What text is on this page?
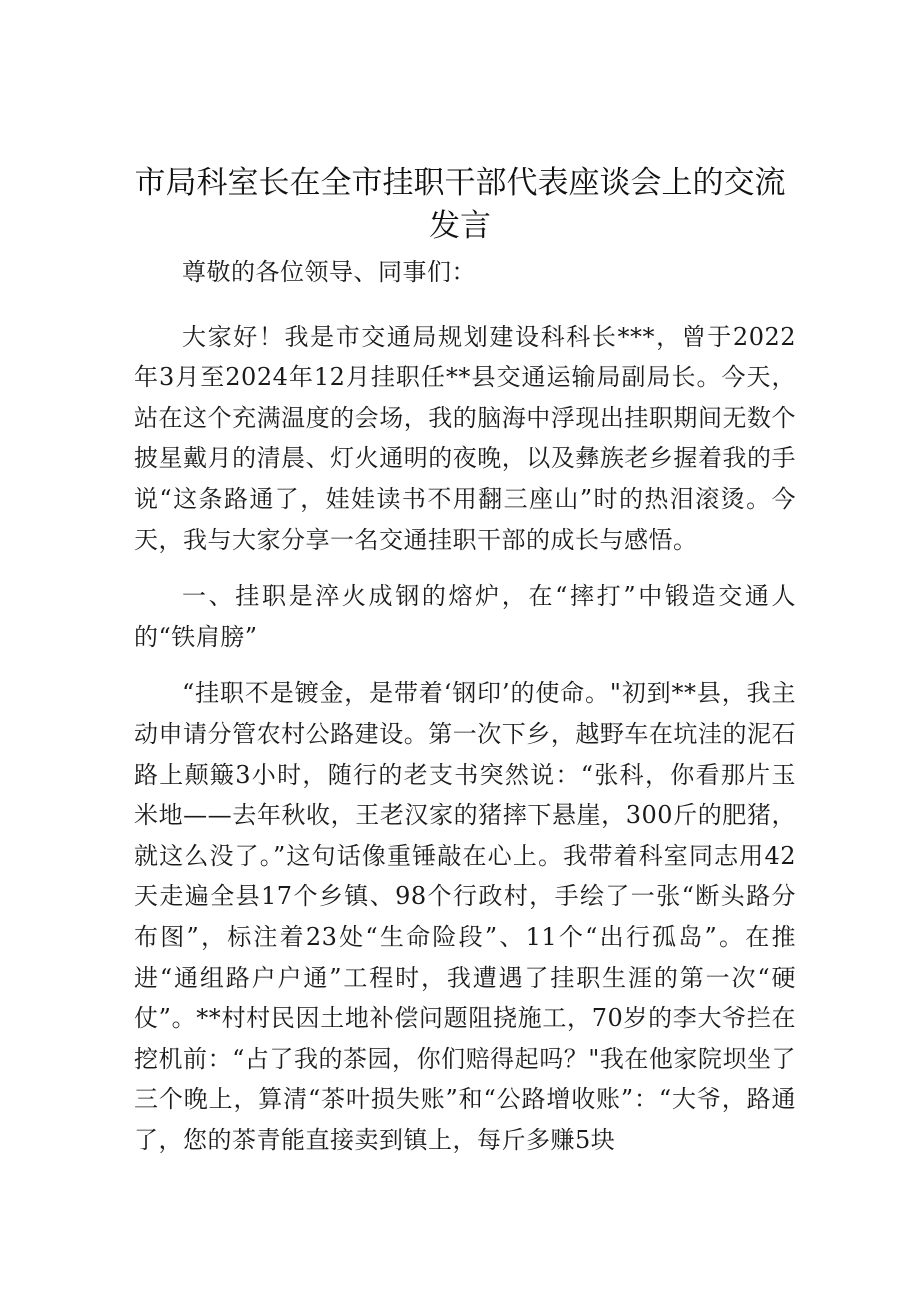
市局科室长在全市挂职干部代表座谈会上的交流发言

尊敬的各位领导、同事们：

大家好！我是市交通局规划建设科科长***，曾于2022年3月至2024年12月挂职任**县交通运输局副局长。今天，站在这个充满温度的会场，我的脑海中浮现出挂职期间无数个披星戴月的清晨、灯火通明的夜晚，以及彝族老乡握着我的手说“这条路通了，娃娃读书不用翻三座山”时的热泪滚烫。今天，我与大家分享一名交通挂职干部的成长与感悟。

一、挂职是淬火成钢的熔炉，在“摔打”中锻造交通人的“铁肩膀”

“挂职不是镀金，是带着‘钢印’的使命。"初到**县，我主动申请分管农村公路建设。第一次下乡，越野车在坑洼的泥石路上颠簸3小时，随行的老支书突然说：“张科，你看那片玉米地——去年秋收，王老汉家的猪摔下悬崖，300斤的肥猪，就这么没了。”这句话像重锤敲在心上。我带着科室同志用42天走遍全县17个乡镇、98个行政村，手绘了一张“断头路分布图”，标注着23处“生命险段”、11个“出行孤岛”。在推进“通组路户户通”工程时，我遭遇了挂职生涯的第一次“硬仗”。**村村民因土地补偿问题阻挠施工，70岁的李大爷拦在挖机前：“占了我的茶园，你们赔得起吗？"我在他家院坝坐了三个晚上，算清“茶叶损失账”和“公路增收账”：“大爷，路通了，您的茶青能直接卖到镇上，每斤多赚5块
